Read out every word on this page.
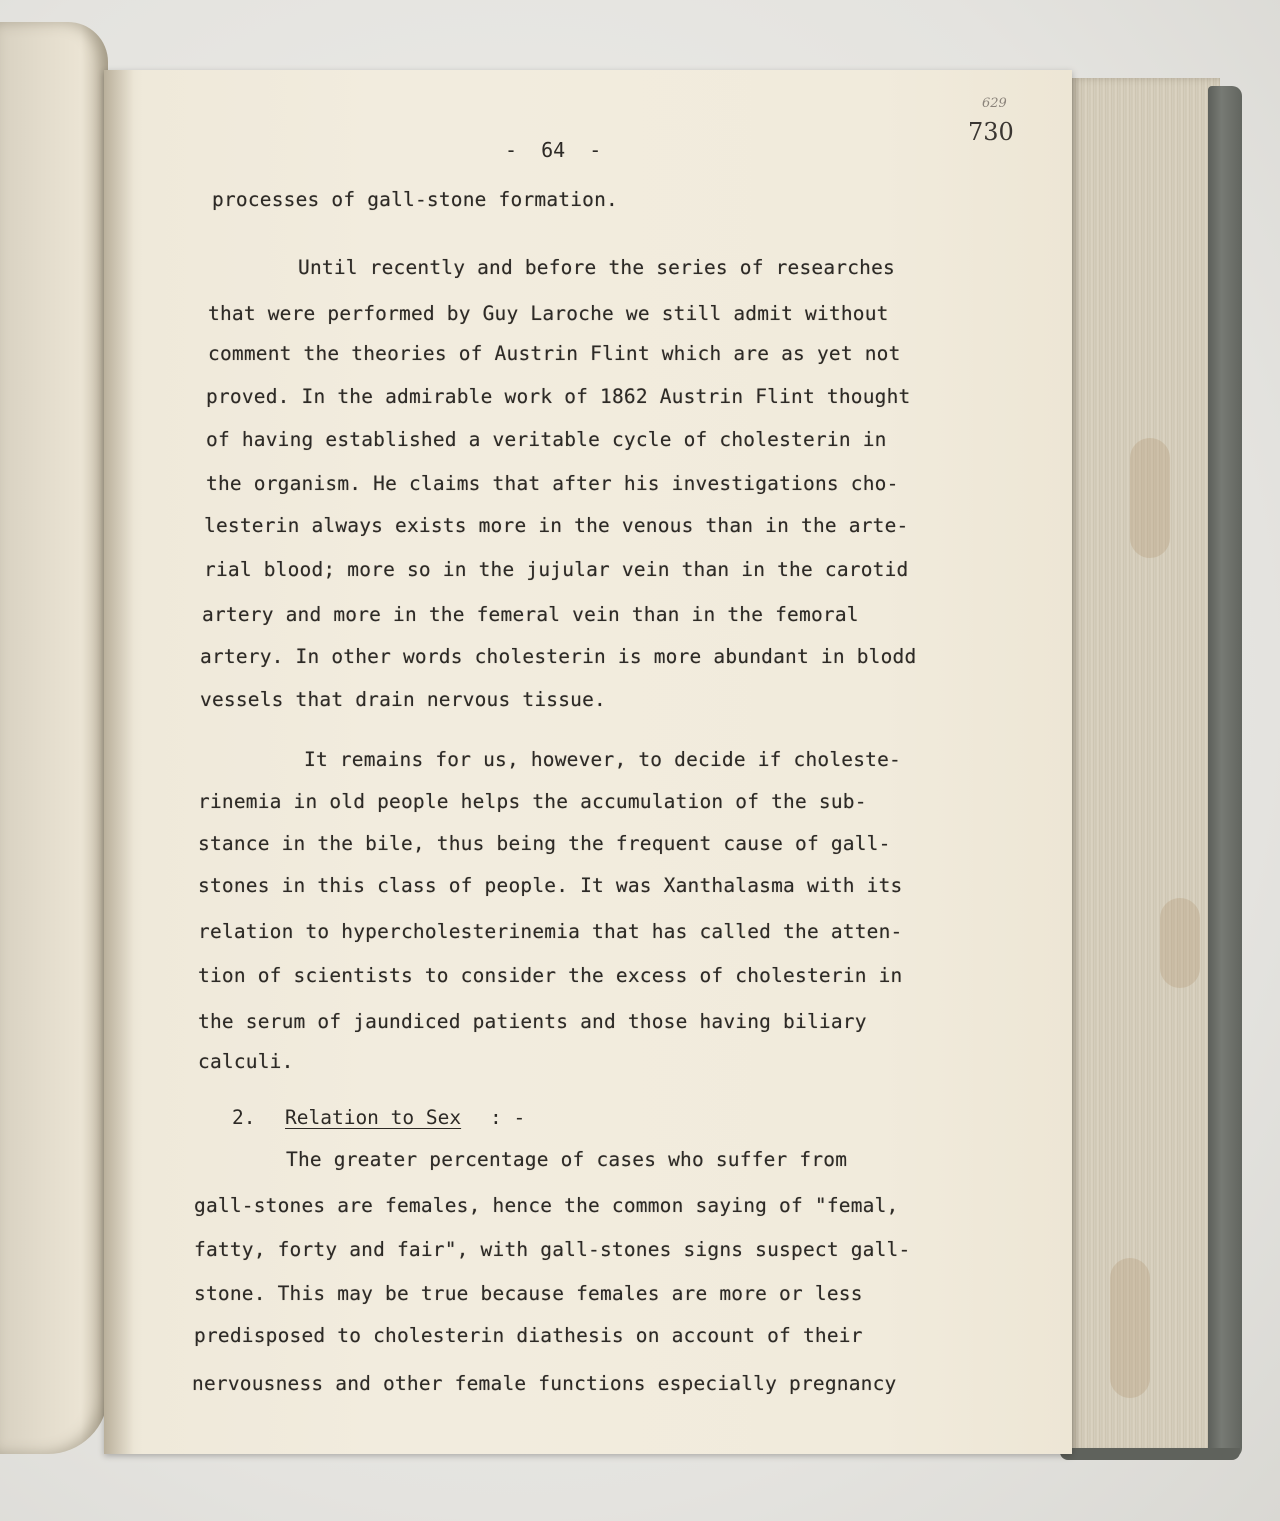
629
730
-  64  -
processes of gall-stone formation.
Until recently and before the series of researches
that were performed by Guy Laroche we still admit without
comment the theories of Austrin Flint which are as yet not
proved. In the admirable work of 1862 Austrin Flint thought
of having established a veritable cycle of cholesterin in
the organism. He claims that after his investigations cho-
lesterin always exists more in the venous than in the arte-
rial blood; more so in the jujular vein than in the carotid
artery and more in the femeral vein than in the femoral
artery. In other words cholesterin is more abundant in blodd
vessels that drain nervous tissue.
It remains for us, however, to decide if choleste-
rinemia in old people helps the accumulation of the sub-
stance in the bile, thus being the frequent cause of gall-
stones in this class of people. It was Xanthalasma with its
relation to hypercholesterinemia that has called the atten-
tion of scientists to consider the excess of cholesterin in
the serum of jaundiced patients and those having biliary
calculi.
2. Relation to Sex : -
The greater percentage of cases who suffer from
gall-stones are females, hence the common saying of "femal,
fatty, forty and fair", with gall-stones signs suspect gall-
stone. This may be true because females are more or less
predisposed to cholesterin diathesis on account of their
nervousness and other female functions especially pregnancy
